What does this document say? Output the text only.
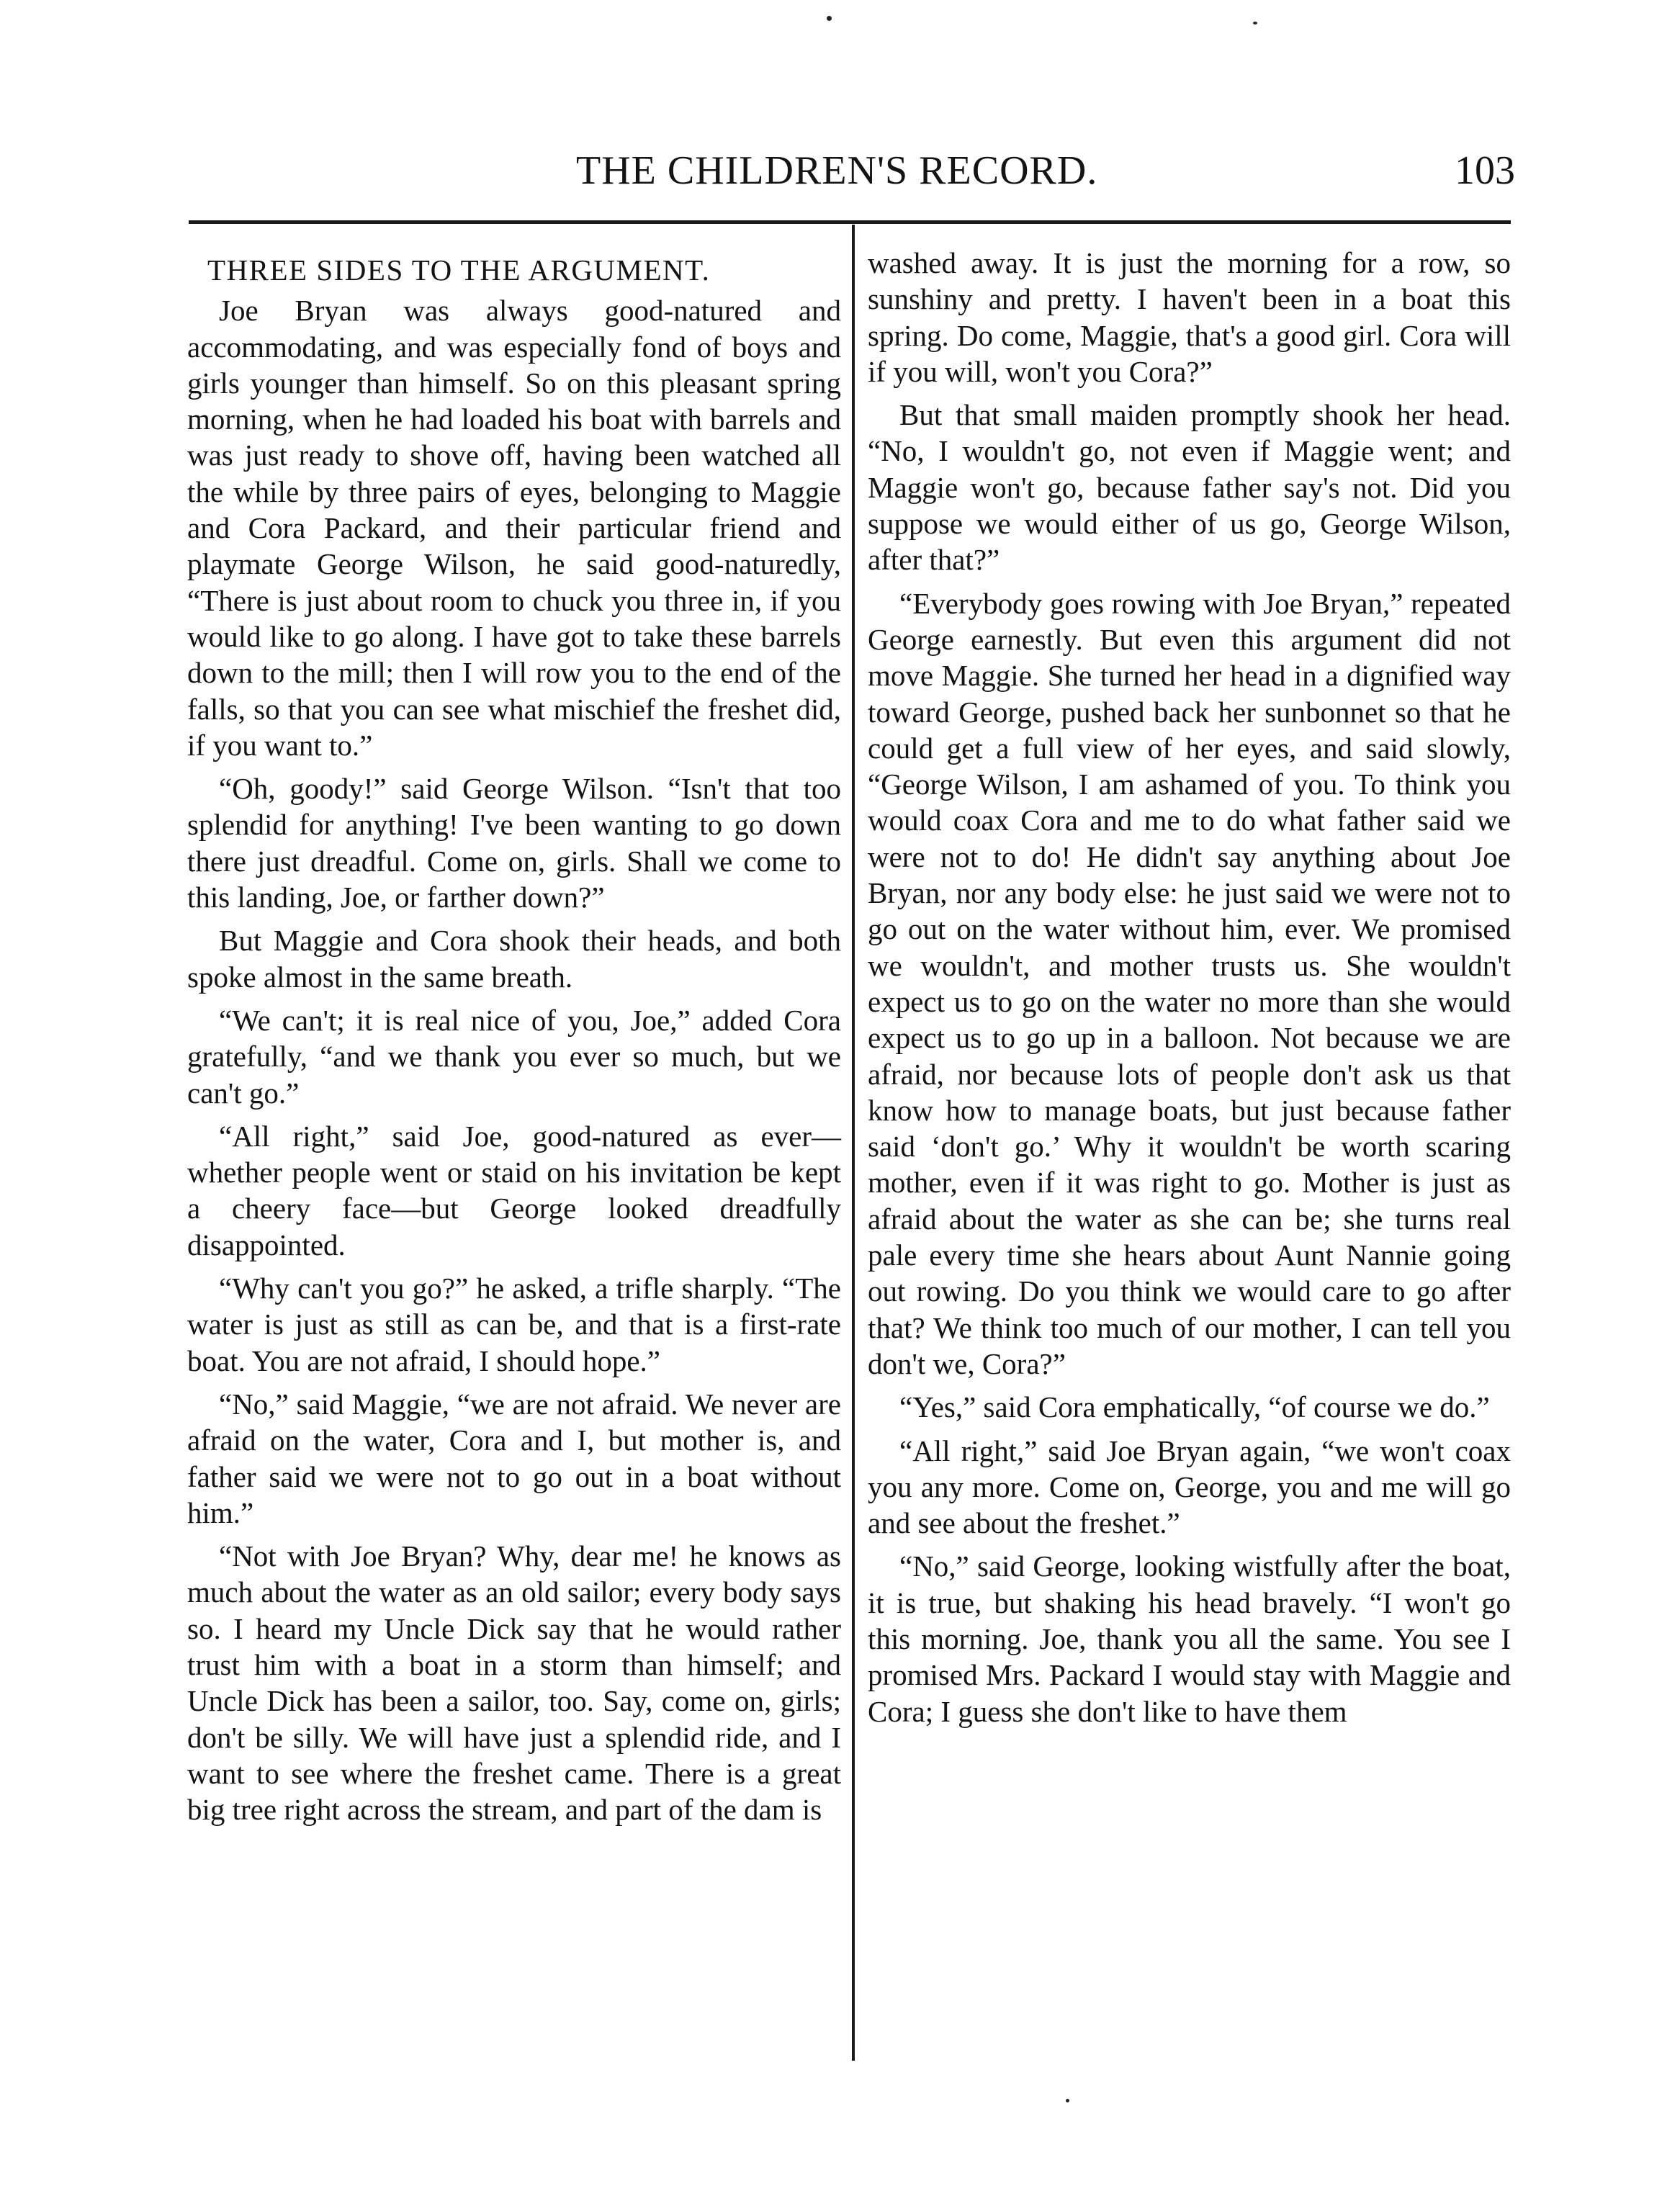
THE CHILDREN'S RECORD.	103
THREE SIDES TO THE ARGUMENT.

Joe Bryan was always good-natured and accommodating, and was especially fond of boys and girls younger than himself. So on this pleasant spring morning, when he had loaded his boat with barrels and was just ready to shove off, having been watched all the while by three pairs of eyes, belonging to Maggie and Cora Packard, and their particular friend and playmate George Wilson, he said good-naturedly, “There is just about room to chuck you three in, if you would like to go along. I have got to take these barrels down to the mill; then I will row you to the end of the falls, so that you can see what mischief the freshet did, if you want to.”

“Oh, goody!” said George Wilson. “Isn't that too splendid for anything! I've been wanting to go down there just dreadful. Come on, girls. Shall we come to this landing, Joe, or farther down?”

But Maggie and Cora shook their heads, and both spoke almost in the same breath.

“We can't; it is real nice of you, Joe,” added Cora gratefully, “and we thank you ever so much, but we can't go.”

“All right,” said Joe, good-natured as ever—whether people went or staid on his invitation be kept a cheery face—but George looked dreadfully disappointed.

“Why can't you go?” he asked, a trifle sharply. “The water is just as still as can be, and that is a first-rate boat. You are not afraid, I should hope.”

“No,” said Maggie, “we are not afraid. We never are afraid on the water, Cora and I, but mother is, and father said we were not to go out in a boat without him.”

“Not with Joe Bryan? Why, dear me! he knows as much about the water as an old sailor; every body says so. I heard my Uncle Dick say that he would rather trust him with a boat in a storm than himself; and Uncle Dick has been a sailor, too. Say, come on, girls; don't be silly. We will have just a splendid ride, and I want to see where the freshet came. There is a great big tree right across the stream, and part of the dam is

washed away. It is just the morning for a row, so sunshiny and pretty. I haven't been in a boat this spring. Do come, Maggie, that's a good girl. Cora will if you will, won't you Cora?”

But that small maiden promptly shook her head. “No, I wouldn't go, not even if Maggie went; and Maggie won't go, because father say's not. Did you suppose we would either of us go, George Wilson, after that?”

“Everybody goes rowing with Joe Bryan,” repeated George earnestly. But even this argument did not move Maggie. She turned her head in a dignified way toward George, pushed back her sunbonnet so that he could get a full view of her eyes, and said slowly, “George Wilson, I am ashamed of you. To think you would coax Cora and me to do what father said we were not to do! He didn't say anything about Joe Bryan, nor any body else: he just said we were not to go out on the water without him, ever. We promised we wouldn't, and mother trusts us. She wouldn't expect us to go on the water no more than she would expect us to go up in a balloon. Not because we are afraid, nor because lots of people don't ask us that know how to manage boats, but just because father said ‘don't go.’ Why it wouldn't be worth scaring mother, even if it was right to go. Mother is just as afraid about the water as she can be; she turns real pale every time she hears about Aunt Nannie going out rowing. Do you think we would care to go after that? We think too much of our mother, I can tell you don't we, Cora?”

“Yes,” said Cora emphatically, “of course we do.”

“All right,” said Joe Bryan again, “we won't coax you any more. Come on, George, you and me will go and see about the freshet.”

“No,” said George, looking wistfully after the boat, it is true, but shaking his head bravely. “I won't go this morning. Joe, thank you all the same. You see I promised Mrs. Packard I would stay with Maggie and Cora; I guess she don't like to have them
